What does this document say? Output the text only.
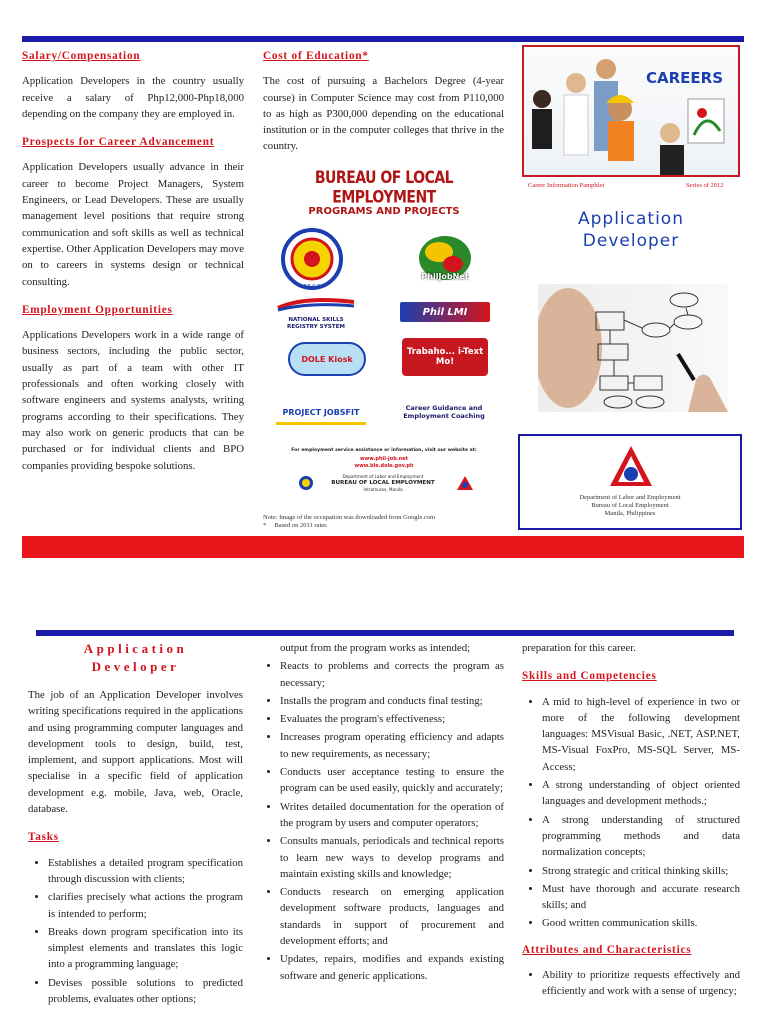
Salary/Compensation
Application Developers in the country usually receive a salary of Php12,000-Php18,000 depending on the company they are employed in.
Prospects for Career Advancement
Application Developers usually advance in their career to become Project Managers, System Engineers, or Lead Developers. These are usually management level positions that require strong communication and soft skills as well as technical expertise. Other Application Developers may move on to careers in systems design or technical consulting.
Employment Opportunities
Applications Developers work in a wide range of business sectors, including the public sector, usually as part of a team with other IT professionals and often working closely with software engineers and systems analysts, writing programs according to their specifications. They may also work on generic products that can be purchased or for individual clients and BPO companies providing bespoke solutions.
Cost of Education*
The cost of pursuing a Bachelors Degree (4-year course) in Computer Science may cost from P110,000 to as high as P300,000 depending on the educational institution or in the computer colleges that thrive in the country.
BUREAU OF LOCAL EMPLOYMENT
PROGRAMS AND PROJECTS
P.E.S.O.
PhilJobNet
NATIONAL SKILLS REGISTRY SYSTEM
Phil LMI
DOLE Kiosk
Trabaho... i-Text Mo!
PROJECT JOBSFIT	Career Guidance and Employment Coaching
For employment service assistance or information, visit our website at:
www.phil-job.net
www.ble.dole.gov.ph
Department of Labor and Employment
BUREAU OF LOCAL EMPLOYMENT
Intramuros, Manila
Note: Image of the occupation was downloaded from Google.com
*     Based on 2011 rates
CAREERS
Career Information Pamphlet	Series of 2012
Application
Developer
Department of Labor and Employment
Bureau of Local Employment
Manila, Philippines
Application
Developer
The job of an Application Developer involves writing specifications required in the applications and using programming computer languages and development tools to design, build, test, implement, and support applications. Most will specialise in a specific field of application development e.g. mobile, Java, web, Oracle, database.
Tasks
• Establishes a detailed program specification through discussion with clients;
• clarifies precisely what actions the program is intended to perform;
• Breaks down program specification into its simplest elements and translates this logic into a programming language;
• Devises possible solutions to predicted problems, evaluates other options;
output from the program works as intended;
• Reacts to problems and corrects the program as necessary;
• Installs the program and conducts final testing;
• Evaluates the program's effectiveness;
• Increases program operating efficiency and adapts to new requirements, as necessary;
• Conducts user acceptance testing to ensure the program can be used easily, quickly and accurately;
• Writes detailed documentation for the operation of the program by users and computer operators;
• Consults manuals, periodicals and technical reports to learn new ways to develop programs and maintain existing skills and knowledge;
• Conducts research on emerging application development software products, languages and standards in support of procurement and development efforts; and
• Updates, repairs, modifies and expands existing software and generic applications.
preparation for this career.
Skills and Competencies
• A mid to high-level of experience in two or more of the following development languages: MSVisual Basic, .NET, ASP.NET, MS-Visual FoxPro, MS-SQL Server, MS-Access;
• A strong understanding of object oriented languages and development methods.;
• A strong understanding of structured programming methods and data normalization concepts;
• Strong strategic and critical thinking skills;
• Must have thorough and accurate research skills; and
• Good written communication skills.
Attributes and Characteristics
• Ability to prioritize requests effectively and efficiently and work with a sense of urgency;
